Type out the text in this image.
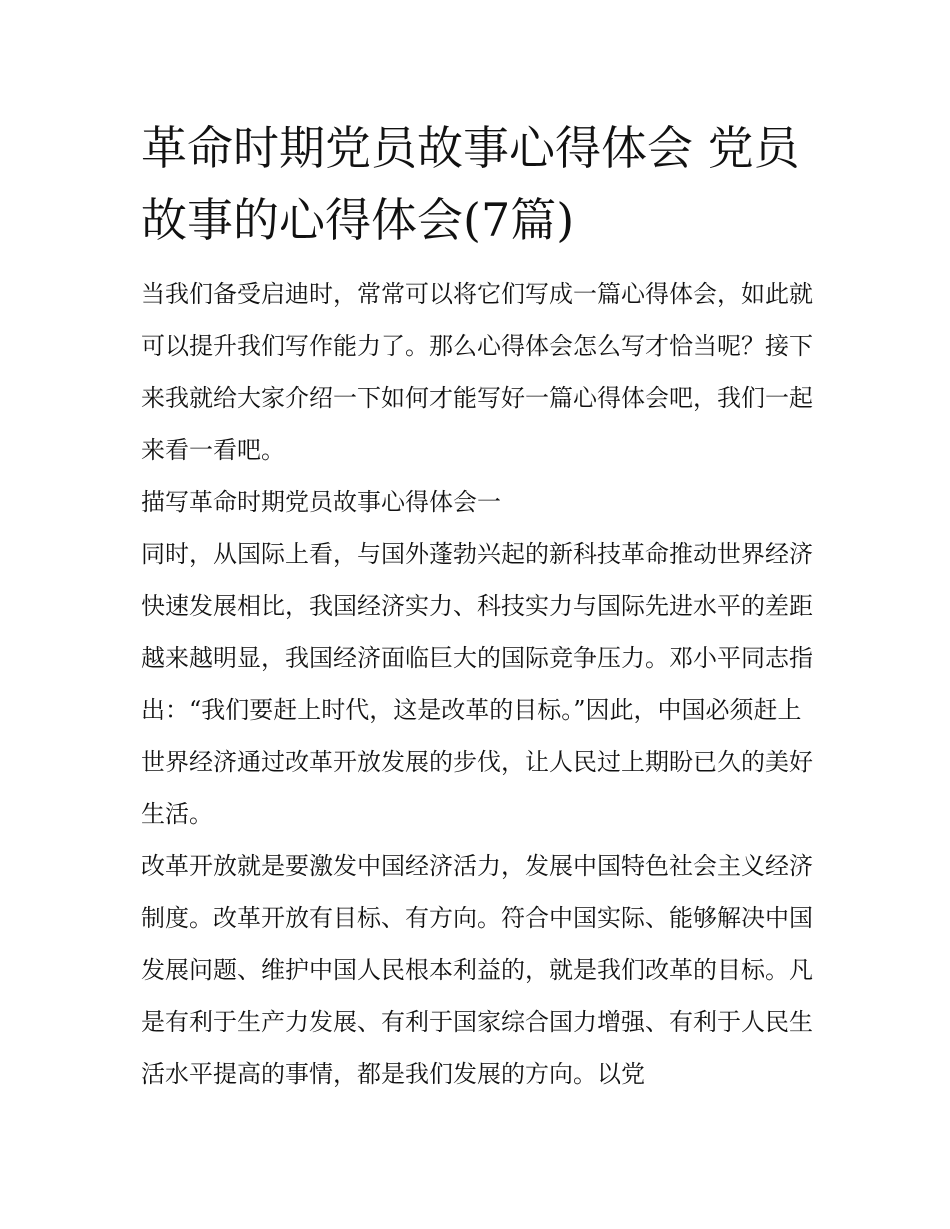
革命时期党员故事心得体会 党员故事的心得体会(7篇)

当我们备受启迪时，常常可以将它们写成一篇心得体会，如此就可以提升我们写作能力了。那么心得体会怎么写才恰当呢？接下来我就给大家介绍一下如何才能写好一篇心得体会吧，我们一起来看一看吧。

描写革命时期党员故事心得体会一

同时，从国际上看，与国外蓬勃兴起的新科技革命推动世界经济快速发展相比，我国经济实力、科技实力与国际先进水平的差距越来越明显，我国经济面临巨大的国际竞争压力。邓小平同志指出：“我们要赶上时代，这是改革的目标。”因此，中国必须赶上世界经济通过改革开放发展的步伐，让人民过上期盼已久的美好生活。

改革开放就是要激发中国经济活力，发展中国特色社会主义经济制度。改革开放有目标、有方向。符合中国实际、能够解决中国发展问题、维护中国人民根本利益的，就是我们改革的目标。凡是有利于生产力发展、有利于国家综合国力增强、有利于人民生活水平提高的事情，都是我们发展的方向。以党
